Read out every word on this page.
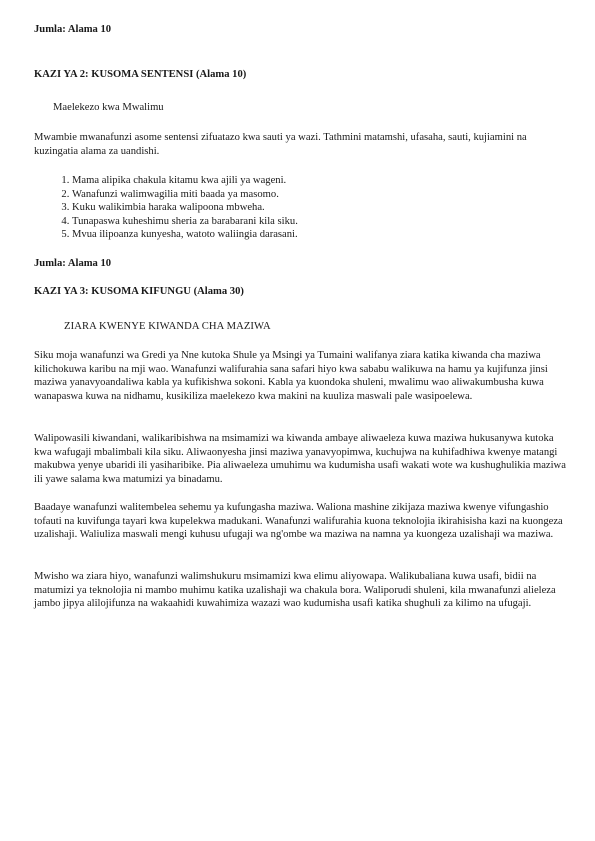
Jumla: Alama 10

KAZI YA 2: KUSOMA SENTENSI (Alama 10)

Maelekezo kwa Mwalimu

Mwambie mwanafunzi asome sentensi zifuatazo kwa sauti ya wazi. Tathmini matamshi, ufasaha, sauti, kujiamini na kuzingatia alama za uandishi.

1. Mama alipika chakula kitamu kwa ajili ya wageni.
2. Wanafunzi walimwagilia miti baada ya masomo.
3. Kuku walikimbia haraka walipoona mbweha.
4. Tunapaswa kuheshimu sheria za barabarani kila siku.
5. Mvua ilipoanza kunyesha, watoto waliingia darasani.

Jumla: Alama 10

KAZI YA 3: KUSOMA KIFUNGU (Alama 30)

ZIARA KWENYE KIWANDA CHA MAZIWA

Siku moja wanafunzi wa Gredi ya Nne kutoka Shule ya Msingi ya Tumaini walifanya ziara katika kiwanda cha maziwa kilichokuwa karibu na mji wao. Wanafunzi walifurahia sana safari hiyo kwa sababu walikuwa na hamu ya kujifunza jinsi maziwa yanavyoandaliwa kabla ya kufikishwa sokoni. Kabla ya kuondoka shuleni, mwalimu wao aliwakumbusha kuwa wanapaswa kuwa na nidhamu, kusikiliza maelekezo kwa makini na kuuliza maswali pale wasipoelewa.

Walipowasili kiwandani, walikaribishwa na msimamizi wa kiwanda ambaye aliwaeleza kuwa maziwa hukusanywa kutoka kwa wafugaji mbalimbali kila siku. Aliwaonyesha jinsi maziwa yanavyopimwa, kuchujwa na kuhifadhiwa kwenye matangi makubwa yenye ubaridi ili yasiharibike. Pia aliwaeleza umuhimu wa kudumisha usafi wakati wote wa kushughulikia maziwa ili yawe salama kwa matumizi ya binadamu.

Baadaye wanafunzi walitembelea sehemu ya kufungasha maziwa. Waliona mashine zikijaza maziwa kwenye vifungashio tofauti na kuvifunga tayari kwa kupelekwa madukani. Wanafunzi walifurahia kuona teknolojia ikirahisisha kazi na kuongeza uzalishaji. Waliuliza maswali mengi kuhusu ufugaji wa ng'ombe wa maziwa na namna ya kuongeza uzalishaji wa maziwa.

Mwisho wa ziara hiyo, wanafunzi walimshukuru msimamizi kwa elimu aliyowapa. Walikubaliana kuwa usafi, bidii na matumizi ya teknolojia ni mambo muhimu katika uzalishaji wa chakula bora. Waliporudi shuleni, kila mwanafunzi alieleza jambo jipya alilojifunza na wakaahidi kuwahimiza wazazi wao kudumisha usafi katika shughuli za kilimo na ufugaji.
